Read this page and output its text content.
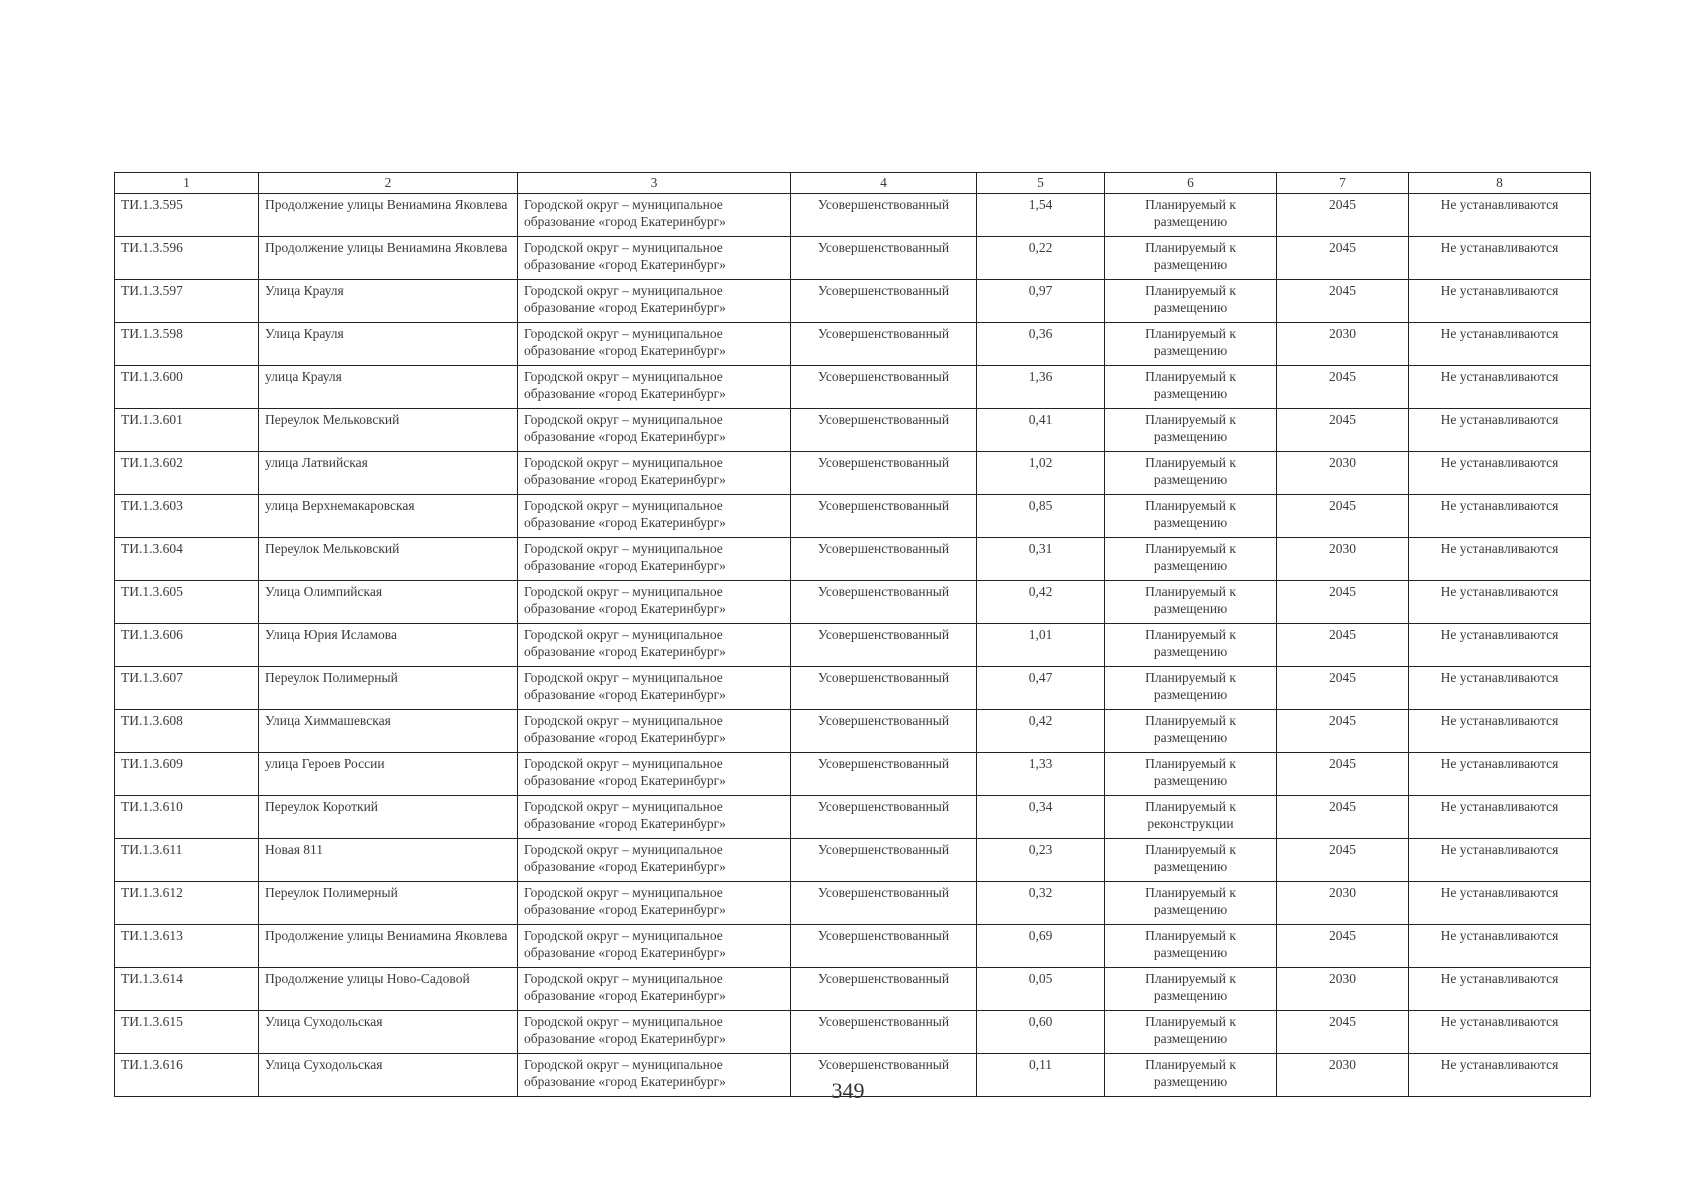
1	2	3	4	5	6	7	8
ТИ.1.3.595	Продолжение улицы Вениамина Яковлева	Городской округ – муниципальное образование «город Екатеринбург»	Усовершенствованный	1,54	Планируемый к размещению	2045	Не устанавливаются
ТИ.1.3.596	Продолжение улицы Вениамина Яковлева	Городской округ – муниципальное образование «город Екатеринбург»	Усовершенствованный	0,22	Планируемый к размещению	2045	Не устанавливаются
ТИ.1.3.597	Улица Крауля	Городской округ – муниципальное образование «город Екатеринбург»	Усовершенствованный	0,97	Планируемый к размещению	2045	Не устанавливаются
ТИ.1.3.598	Улица Крауля	Городской округ – муниципальное образование «город Екатеринбург»	Усовершенствованный	0,36	Планируемый к размещению	2030	Не устанавливаются
ТИ.1.3.600	улица Крауля	Городской округ – муниципальное образование «город Екатеринбург»	Усовершенствованный	1,36	Планируемый к размещению	2045	Не устанавливаются
ТИ.1.3.601	Переулок Мельковский	Городской округ – муниципальное образование «город Екатеринбург»	Усовершенствованный	0,41	Планируемый к размещению	2045	Не устанавливаются
ТИ.1.3.602	улица Латвийская	Городской округ – муниципальное образование «город Екатеринбург»	Усовершенствованный	1,02	Планируемый к размещению	2030	Не устанавливаются
ТИ.1.3.603	улица Верхнемакаровская	Городской округ – муниципальное образование «город Екатеринбург»	Усовершенствованный	0,85	Планируемый к размещению	2045	Не устанавливаются
ТИ.1.3.604	Переулок Мельковский	Городской округ – муниципальное образование «город Екатеринбург»	Усовершенствованный	0,31	Планируемый к размещению	2030	Не устанавливаются
ТИ.1.3.605	Улица Олимпийская	Городской округ – муниципальное образование «город Екатеринбург»	Усовершенствованный	0,42	Планируемый к размещению	2045	Не устанавливаются
ТИ.1.3.606	Улица Юрия Исламова	Городской округ – муниципальное образование «город Екатеринбург»	Усовершенствованный	1,01	Планируемый к размещению	2045	Не устанавливаются
ТИ.1.3.607	Переулок Полимерный	Городской округ – муниципальное образование «город Екатеринбург»	Усовершенствованный	0,47	Планируемый к размещению	2045	Не устанавливаются
ТИ.1.3.608	Улица Химмашевская	Городской округ – муниципальное образование «город Екатеринбург»	Усовершенствованный	0,42	Планируемый к размещению	2045	Не устанавливаются
ТИ.1.3.609	улица Героев России	Городской округ – муниципальное образование «город Екатеринбург»	Усовершенствованный	1,33	Планируемый к размещению	2045	Не устанавливаются
ТИ.1.3.610	Переулок Короткий	Городской округ – муниципальное образование «город Екатеринбург»	Усовершенствованный	0,34	Планируемый к реконструкции	2045	Не устанавливаются
ТИ.1.3.611	Новая 811	Городской округ – муниципальное образование «город Екатеринбург»	Усовершенствованный	0,23	Планируемый к размещению	2045	Не устанавливаются
ТИ.1.3.612	Переулок Полимерный	Городской округ – муниципальное образование «город Екатеринбург»	Усовершенствованный	0,32	Планируемый к размещению	2030	Не устанавливаются
ТИ.1.3.613	Продолжение улицы Вениамина Яковлева	Городской округ – муниципальное образование «город Екатеринбург»	Усовершенствованный	0,69	Планируемый к размещению	2045	Не устанавливаются
ТИ.1.3.614	Продолжение улицы Ново-Садовой	Городской округ – муниципальное образование «город Екатеринбург»	Усовершенствованный	0,05	Планируемый к размещению	2030	Не устанавливаются
ТИ.1.3.615	Улица Суходольская	Городской округ – муниципальное образование «город Екатеринбург»	Усовершенствованный	0,60	Планируемый к размещению	2045	Не устанавливаются
ТИ.1.3.616	Улица Суходольская	Городской округ – муниципальное образование «город Екатеринбург»	Усовершенствованный	0,11	Планируемый к размещению	2030	Не устанавливаются
349
